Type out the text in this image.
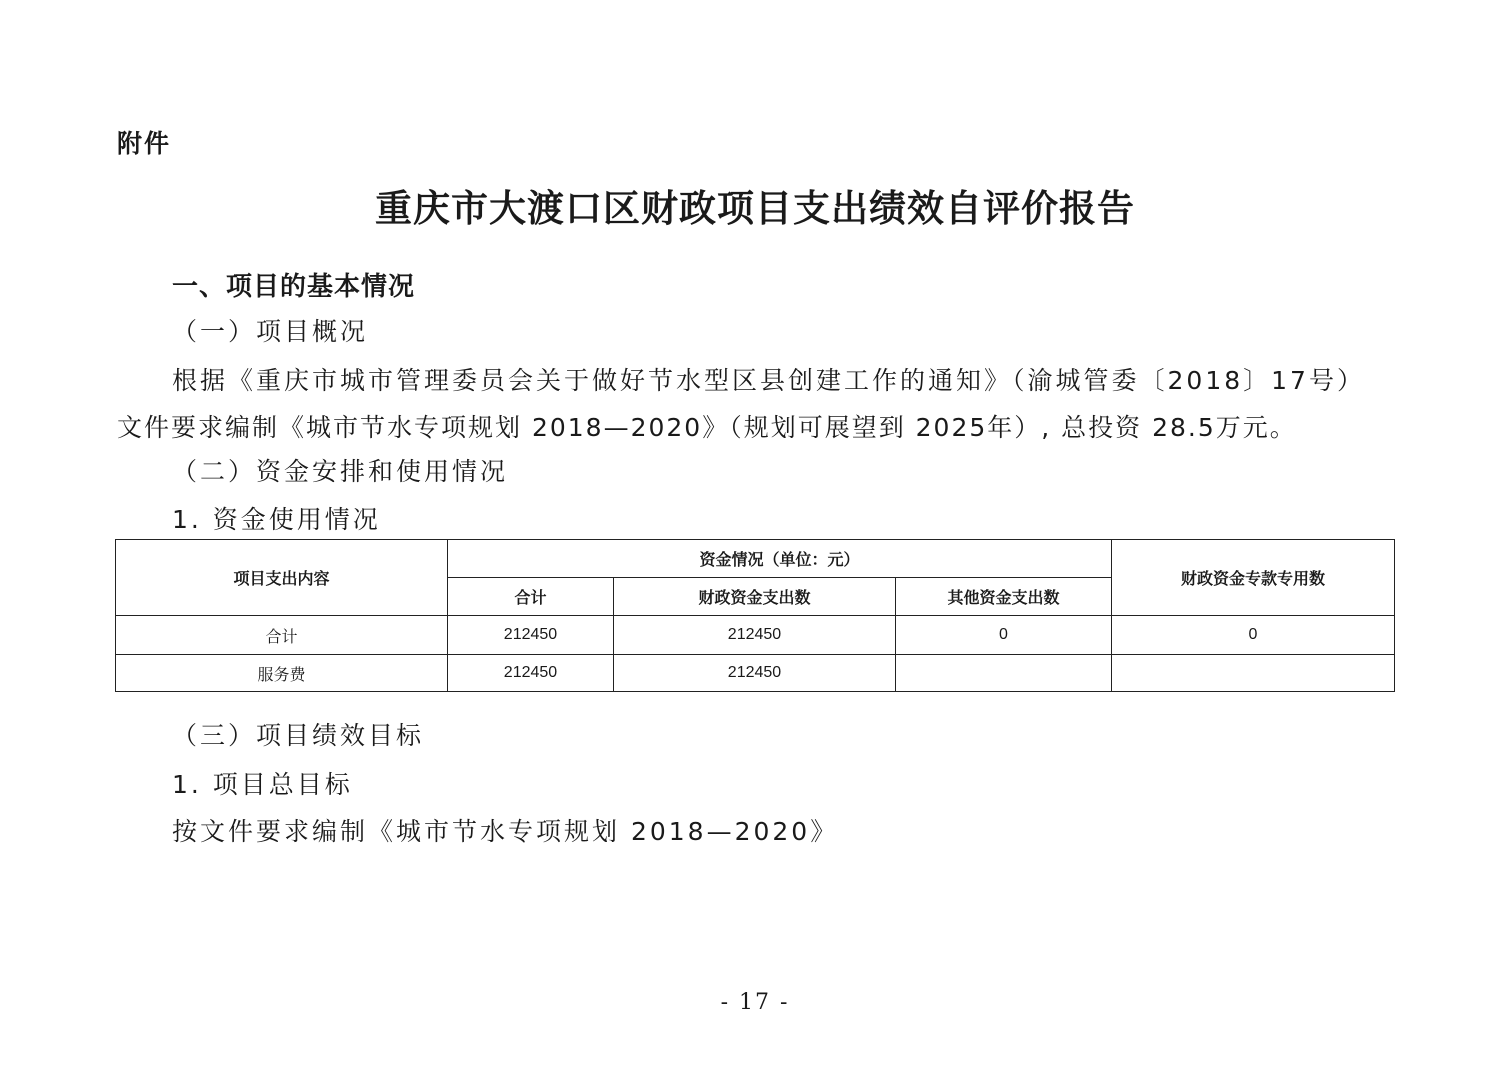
附件
重庆市大渡口区财政项目支出绩效自评价报告
一、项目的基本情况
（一）项目概况
根据《重庆市城市管理委员会关于做好节水型区县创建工作的通知》（渝城管委〔2018〕17号）
文件要求编制《城市节水专项规划 2018—2020》（规划可展望到 2025年）, 总投资 28.5万元。
（二）资金安排和使用情况
1. 资金使用情况
项目支出内容	资金情况（单位：元）			财政资金专款专用数
	合计	财政资金支出数	其他资金支出数	
合计	212450	212450	0	0
服务费	212450	212450		
（三）项目绩效目标
1. 项目总目标
按文件要求编制《城市节水专项规划 2018—2020》
- 17 -
